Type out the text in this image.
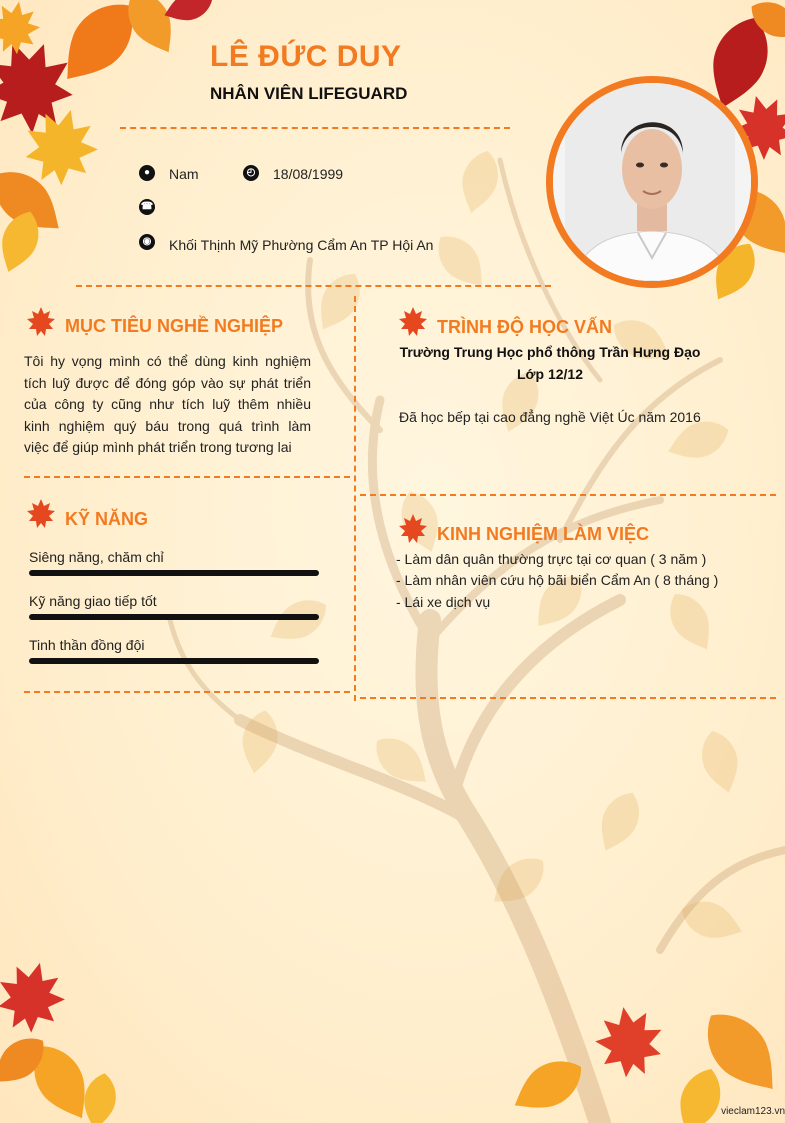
LÊ ĐỨC DUY
NHÂN VIÊN LIFEGUARD
●	Nam	◴ 18/08/1999
☎
◉ Khối Thịnh Mỹ Phường Cẩm An TP Hội An
MỤC TIÊU NGHỀ NGHIỆP
Tôi hy vọng mình có thể dùng kinh nghiệm
tích luỹ được để đóng góp vào sự phát triển
của công ty cũng như tích luỹ thêm nhiều
kinh nghiệm quý báu trong quá trình làm
việc để giúp mình phát triển trong tương lai
KỸ NĂNG
Siêng năng, chăm chỉ
Kỹ năng giao tiếp tốt
Tinh thần đồng đội
TRÌNH ĐỘ HỌC VẤN
Trường Trung Học phổ thông Trần Hưng Đạo
Lớp 12/12
Đã học bếp tại cao đẳng nghề Việt Úc năm 2016
KINH NGHIỆM LÀM VIỆC
- Làm dân quân thường trực tại cơ quan ( 3 năm )
- Làm nhân viên cứu hộ bãi biển Cẩm An ( 8 tháng )
- Lái xe dịch vụ
vieclam123.vn
